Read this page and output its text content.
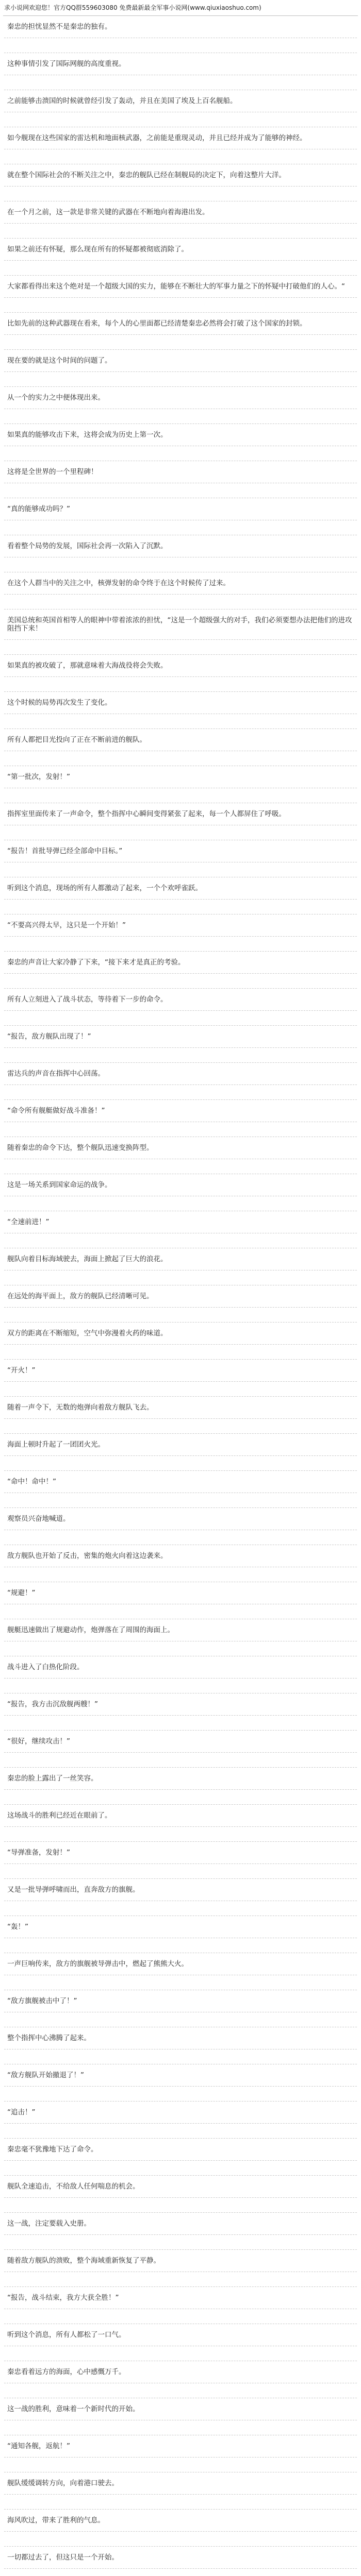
求小说网欢迎您！官方QQ群559603080 免费最新最全军事小说网(www.qiuxiaoshuo.com)
秦忠的担忧显然不是秦忠的独有。
这种事情引发了国际网舰的高度重视。
之前能够击溃国的时候就曾经引发了轰动，并且在美国了埃及上百名舰船。
如今舰现在这些国家的雷达机和地面核武器，之前能是重现灵动，并且已经并成为了能够的神经。
就在整个国际社会的不断关注之中，秦忠的舰队已经在制舰局的决定下，向着这整片大洋。
在一个月之前，这一款是非常关键的武器在不断地向着海港出发。
如果之前还有怀疑，那么现在所有的怀疑都被彻底消除了。
大家都看得出来这个绝对是一个超级大国的实力，能够在不断壮大的军事力量之下的怀疑中打破他们的人心。“
比如先前的这种武器现在看来，每个人的心里面都已经清楚秦忠必然将会打破了这个国家的封锁。
现在要的就是这个时间的问题了。
从一个的实力之中便体现出来。
如果真的能够攻击下来，这将会成为历史上第一次。
这将是全世界的一个里程碑！
“真的能够成功吗？”
看着整个局势的发展，国际社会再一次陷入了沉默。
在这个人群当中的关注之中，核弹发射的命令终于在这个时候传了过来。
美国总统和英国首相等人的眼神中带着浓浓的担忧，“这是一个超级强大的对手，我们必须要想办法把他们的进攻阻挡下来！
如果真的被攻破了，那就意味着大海战役将会失败。
这个时候的局势再次发生了变化。
所有人都把目光投向了正在不断前进的舰队。
“第一批次，发射！”
指挥室里面传来了一声命令，整个指挥中心瞬间变得紧张了起来，每一个人都屏住了呼吸。
“报告！首批导弹已经全部命中目标。”
听到这个消息，现场的所有人都激动了起来，一个个欢呼雀跃。
“不要高兴得太早，这只是一个开始！”
秦忠的声音让大家冷静了下来，“接下来才是真正的考验。
所有人立刻进入了战斗状态，等待着下一步的命令。
“报告，敌方舰队出现了！”
雷达兵的声音在指挥中心回荡。
“命令所有舰艇做好战斗准备！”
随着秦忠的命令下达，整个舰队迅速变换阵型。
这是一场关系到国家命运的战争。
“全速前进！”
舰队向着目标海域驶去，海面上掀起了巨大的浪花。
在远处的海平面上，敌方的舰队已经清晰可见。
双方的距离在不断缩短，空气中弥漫着火药的味道。
“开火！”
随着一声令下，无数的炮弹向着敌方舰队飞去。
海面上顿时升起了一团团火光。
“命中！命中！”
观察员兴奋地喊道。
敌方舰队也开始了反击，密集的炮火向着这边袭来。
“规避！”
舰艇迅速做出了规避动作，炮弹落在了周围的海面上。
战斗进入了白热化阶段。
“报告，我方击沉敌舰两艘！”
“很好，继续攻击！”
秦忠的脸上露出了一丝笑容。
这场战斗的胜利已经近在眼前了。
“导弹准备，发射！”
又是一批导弹呼啸而出，直奔敌方的旗舰。
“轰！”
一声巨响传来，敌方的旗舰被导弹击中，燃起了熊熊大火。
“敌方旗舰被击中了！”
整个指挥中心沸腾了起来。
“敌方舰队开始撤退了！”
“追击！”
秦忠毫不犹豫地下达了命令。
舰队全速追击，不给敌人任何喘息的机会。
这一战，注定要载入史册。
随着敌方舰队的溃败，整个海域重新恢复了平静。
“报告，战斗结束，我方大获全胜！”
听到这个消息，所有人都松了一口气。
秦忠看着远方的海面，心中感慨万千。
这一战的胜利，意味着一个新时代的开始。
“通知各舰，返航！”
舰队缓缓调转方向，向着港口驶去。
海风吹过，带来了胜利的气息。
一切都过去了，但这只是一个开始。
